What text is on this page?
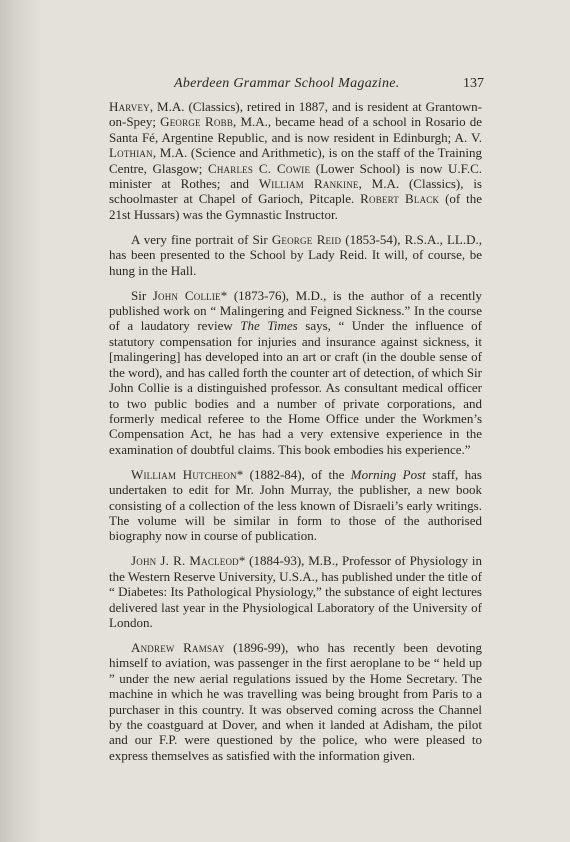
Aberdeen Grammar School Magazine.	137

Harvey, M.A. (Classics), retired in 1887, and is resident at Grantown-on-Spey; George Robb, M.A., became head of a school in Rosario de Santa Fé, Argentine Republic, and is now resident in Edinburgh; A. V. Lothian, M.A. (Science and Arithmetic), is on the staff of the Training Centre, Glasgow; Charles C. Cowie (Lower School) is now U.F.C. minister at Rothes; and William Rankine, M.A. (Classics), is schoolmaster at Chapel of Garioch, Pitcaple. Robert Black (of the 21st Hussars) was the Gymnastic Instructor.

A very fine portrait of Sir George Reid (1853-54), R.S.A., LL.D., has been presented to the School by Lady Reid. It will, of course, be hung in the Hall.

Sir John Collie* (1873-76), M.D., is the author of a recently published work on “ Malingering and Feigned Sickness.” In the course of a laudatory review The Times says, “ Under the influence of statutory compensation for injuries and insurance against sickness, it [malingering] has developed into an art or craft (in the double sense of the word), and has called forth the counter art of detection, of which Sir John Collie is a distinguished professor. As consultant medical officer to two public bodies and a number of private corporations, and formerly medical referee to the Home Office under the Workmen’s Compensation Act, he has had a very extensive experience in the examination of doubtful claims. This book embodies his experience.”

William Hutcheon* (1882-84), of the Morning Post staff, has undertaken to edit for Mr. John Murray, the publisher, a new book consisting of a collection of the less known of Disraeli’s early writings. The volume will be similar in form to those of the authorised biography now in course of publication.

John J. R. Macleod* (1884-93), M.B., Professor of Physiology in the Western Reserve University, U.S.A., has published under the title of “ Diabetes: Its Pathological Physiology,” the substance of eight lectures delivered last year in the Physiological Laboratory of the University of London.

Andrew Ramsay (1896-99), who has recently been devoting himself to aviation, was passenger in the first aeroplane to be “ held up ” under the new aerial regulations issued by the Home Secretary. The machine in which he was travelling was being brought from Paris to a purchaser in this country. It was observed coming across the Channel by the coastguard at Dover, and when it landed at Adisham, the pilot and our F.P. were questioned by the police, who were pleased to express themselves as satisfied with the information given.
